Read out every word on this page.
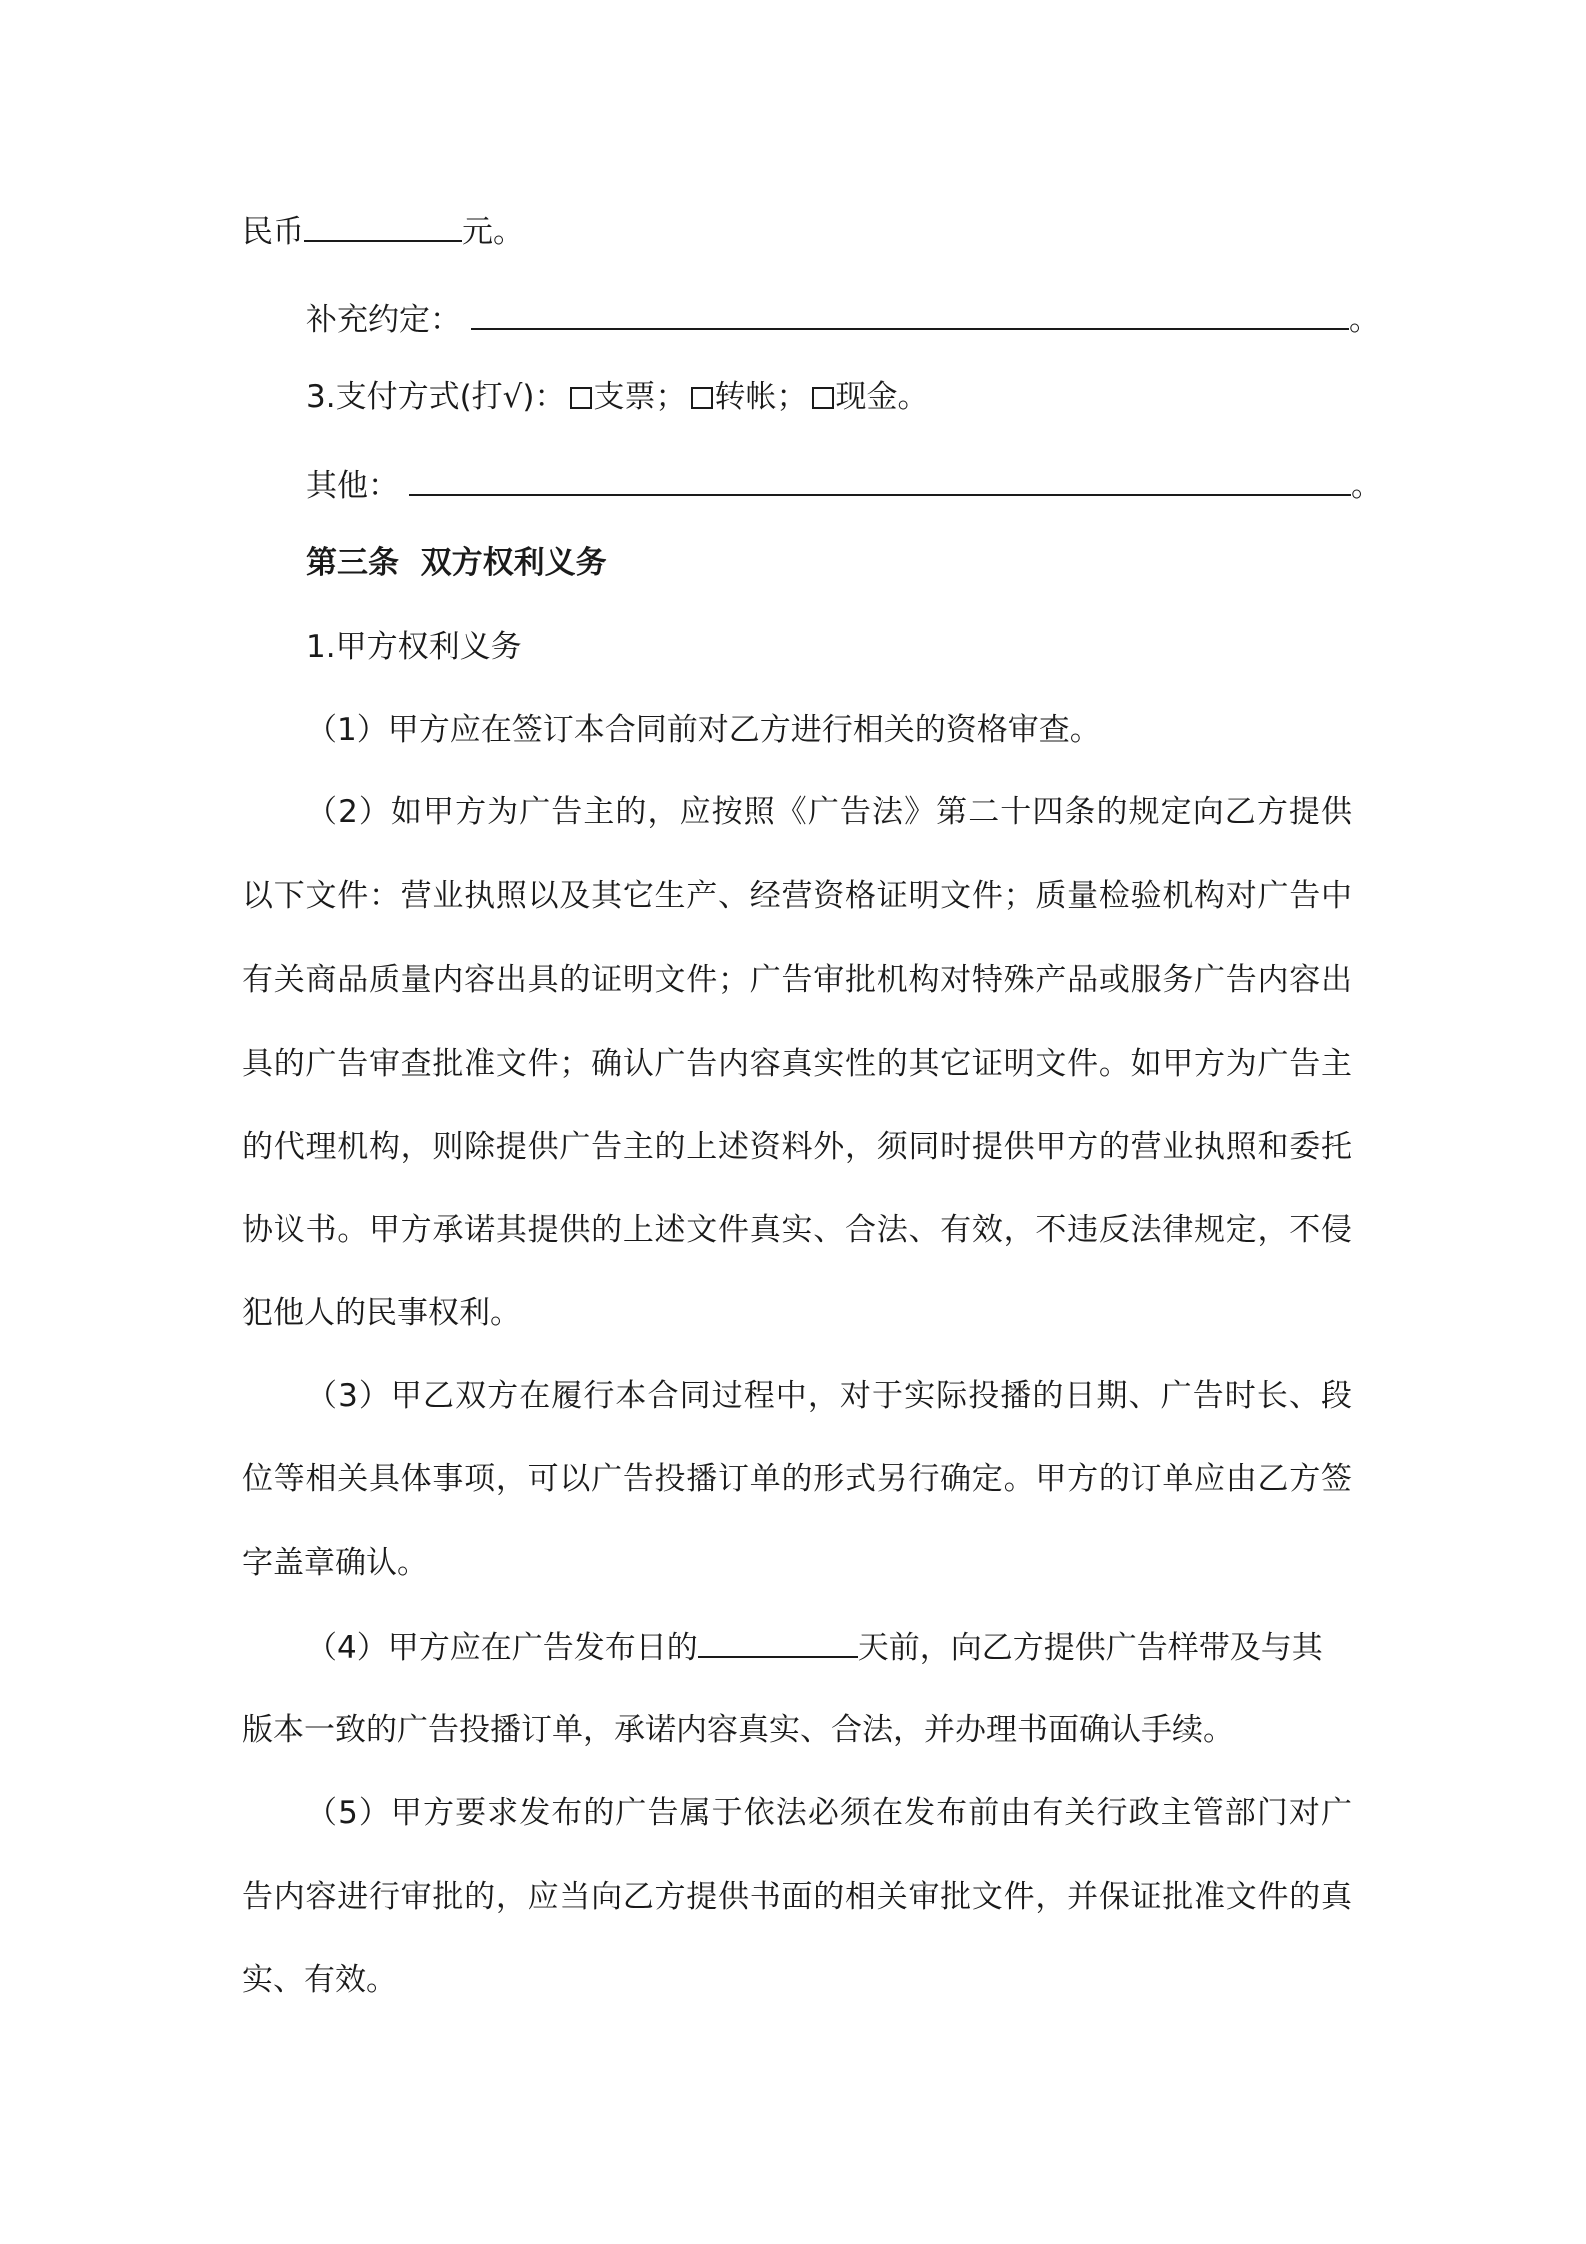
民币	元。
补充约定：	。
3.支付方式(打√)： 支票； 转帐； 现金。
其他：	。
第三条  双方权利义务
1.甲方权利义务
（1）甲方应在签订本合同前对乙方进行相关的资格审查。
（2）如甲方为广告主的，应按照《广告法》第二十四条的规定向乙方提供
以下文件：营业执照以及其它生产、经营资格证明文件；质量检验机构对广告中
有关商品质量内容出具的证明文件；广告审批机构对特殊产品或服务广告内容出
具的广告审查批准文件；确认广告内容真实性的其它证明文件。如甲方为广告主
的代理机构，则除提供广告主的上述资料外，须同时提供甲方的营业执照和委托
协议书。甲方承诺其提供的上述文件真实、合法、有效，不违反法律规定，不侵
犯他人的民事权利。
（3）甲乙双方在履行本合同过程中，对于实际投播的日期、广告时长、段
位等相关具体事项，可以广告投播订单的形式另行确定。甲方的订单应由乙方签
字盖章确认。
（4）甲方应在广告发布日的	天前，向乙方提供广告样带及与其
版本一致的广告投播订单，承诺内容真实、合法，并办理书面确认手续。
（5）甲方要求发布的广告属于依法必须在发布前由有关行政主管部门对广
告内容进行审批的，应当向乙方提供书面的相关审批文件，并保证批准文件的真
实、有效。
